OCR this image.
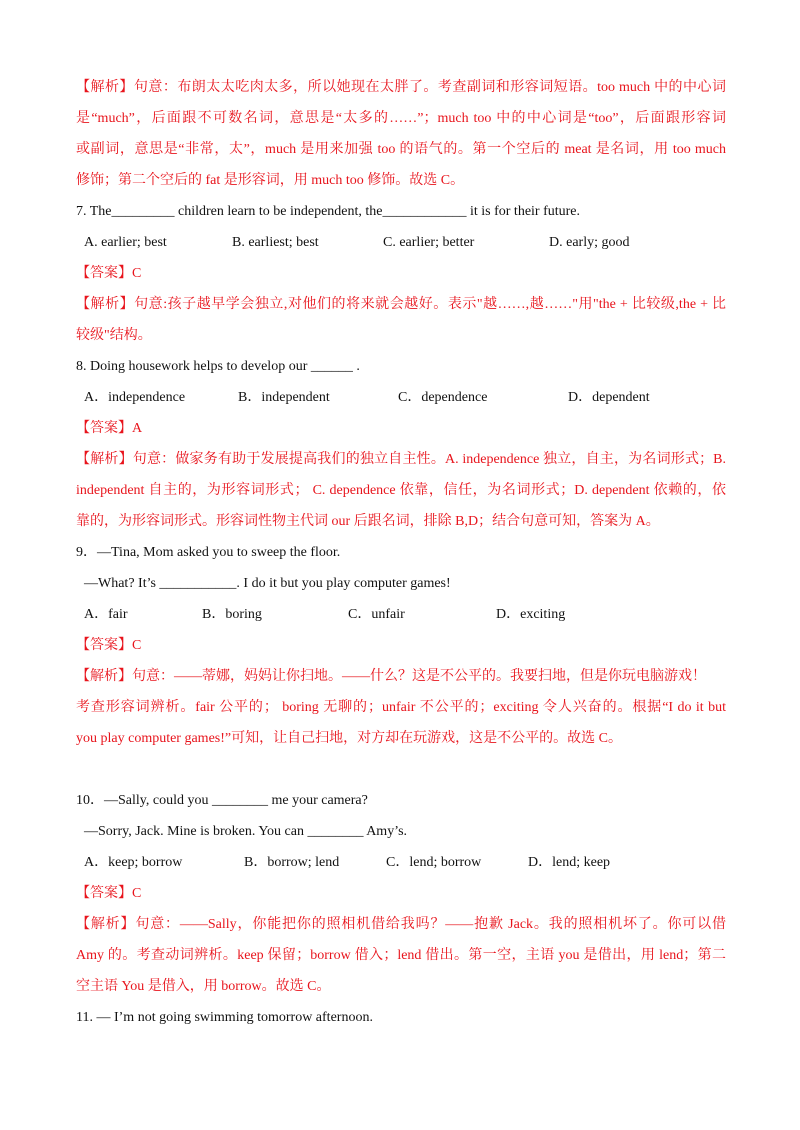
【解析】句意：布朗太太吃肉太多，所以她现在太胖了。考查副词和形容词短语。too much 中的中心词
是“much”，后面跟不可数名词，意思是“太多的……”；much too 中的中心词是“too”，后面跟形容词
或副词，意思是“非常，太”，much 是用来加强 too 的语气的。第一个空后的 meat 是名词，用 too much
修饰；第二个空后的 fat 是形容词，用 much too 修饰。故选 C。
7. The_________ children learn to be independent, the____________ it is for their future.
A. earlier; best	B. earliest; best	C. earlier; better	D. early; good
【答案】C
【解析】句意:孩子越早学会独立,对他们的将来就会越好。表示"越……,越……"用"the + 比较级,the + 比
较级"结构。
8. Doing housework helps to develop our ______ .
A．independence	B．independent	C．dependence	D．dependent
【答案】A
【解析】句意：做家务有助于发展提高我们的独立自主性。A. independence 独立，自主，为名词形式；B.
independent 自主的，为形容词形式； C. dependence 依靠，信任，为名词形式；D. dependent 依赖的，依
靠的，为形容词形式。形容词性物主代词 our 后跟名词，排除 B,D；结合句意可知，答案为 A。
9．—Tina, Mom asked you to sweep the floor.
—What? It’s ___________. I do it but you play computer games!
A．fair	B．boring	C．unfair	D．exciting
【答案】C
【解析】句意：——蒂娜，妈妈让你扫地。——什么？这是不公平的。我要扫地，但是你玩电脑游戏！
考查形容词辨析。fair 公平的； boring 无聊的；unfair 不公平的；exciting 令人兴奋的。根据“I do it but
you play computer games!”可知，让自己扫地，对方却在玩游戏，这是不公平的。故选 C。
10．—Sally, could you ________ me your camera?
—Sorry, Jack. Mine is broken. You can ________ Amy’s.
A．keep; borrow	B．borrow; lend	C．lend; borrow	D．lend; keep
【答案】C
【解析】句意：——Sally，你能把你的照相机借给我吗？——抱歉 Jack。我的照相机坏了。你可以借
Amy 的。考查动词辨析。keep 保留；borrow 借入；lend 借出。第一空，主语 you 是借出，用 lend；第二
空主语 You 是借入，用 borrow。故选 C。
11. — I’m not going swimming tomorrow afternoon.
